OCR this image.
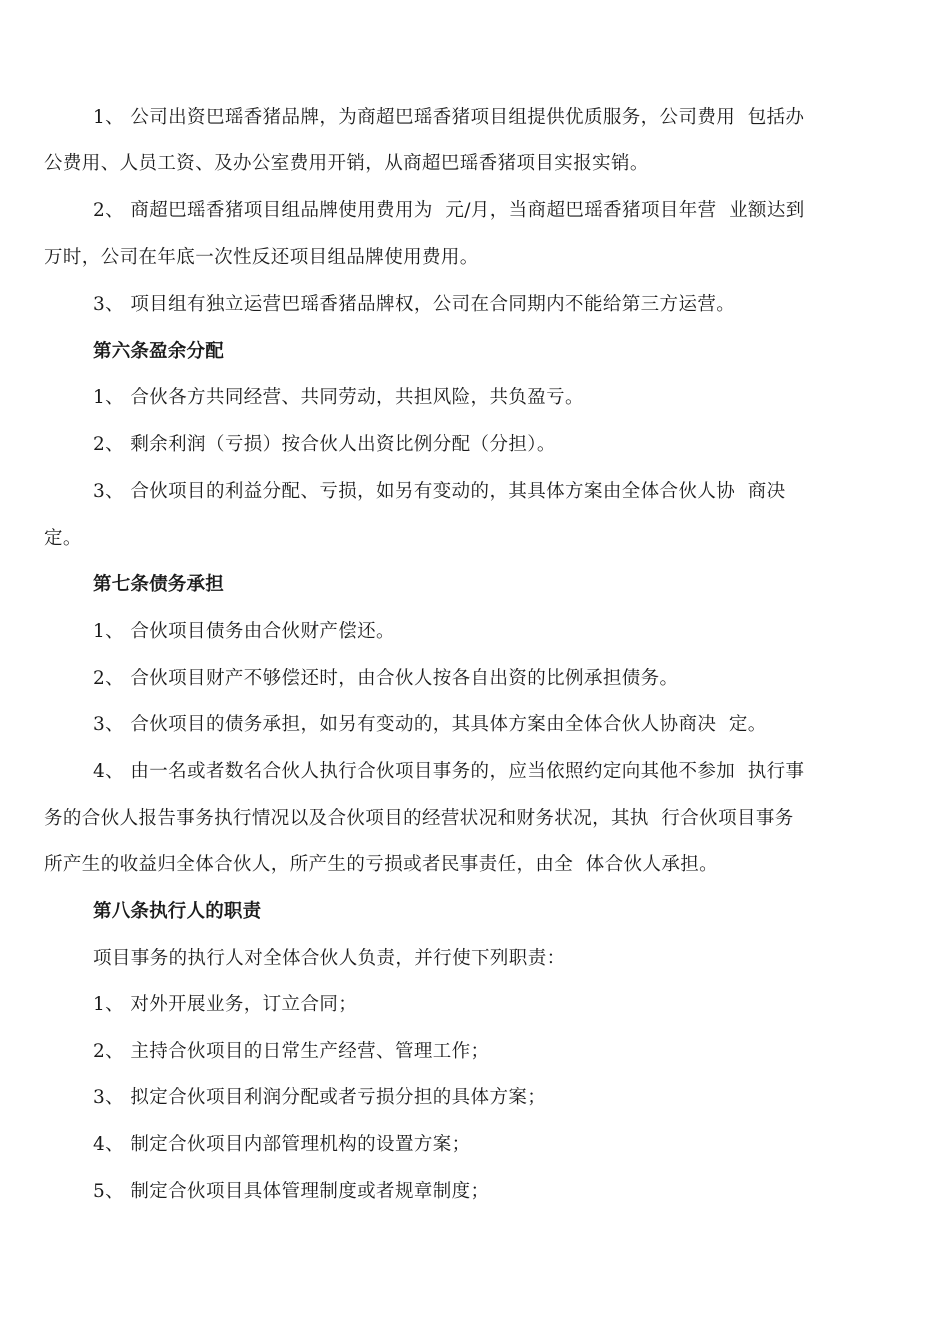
1、 公司出资巴瑶香猪品牌，为商超巴瑶香猪项目组提供优质服务，公司费用  包括办
公费用、人员工资、及办公室费用开销，从商超巴瑶香猪项目实报实销。
2、 商超巴瑶香猪项目组品牌使用费用为  元/月，当商超巴瑶香猪项目年营  业额达到
万时，公司在年底一次性反还项目组品牌使用费用。
3、 项目组有独立运营巴瑶香猪品牌权，公司在合同期内不能给第三方运营。
第六条盈余分配
1、 合伙各方共同经营、共同劳动，共担风险，共负盈亏。
2、 剩余利润（亏损）按合伙人出资比例分配（分担）。
3、 合伙项目的利益分配、亏损，如另有变动的，其具体方案由全体合伙人协  商决
定。
第七条债务承担
1、 合伙项目债务由合伙财产偿还。
2、 合伙项目财产不够偿还时，由合伙人按各自出资的比例承担债务。
3、 合伙项目的债务承担，如另有变动的，其具体方案由全体合伙人协商决  定。
4、 由一名或者数名合伙人执行合伙项目事务的，应当依照约定向其他不参加  执行事
务的合伙人报告事务执行情况以及合伙项目的经营状况和财务状况，其执  行合伙项目事务
所产生的收益归全体合伙人，所产生的亏损或者民事责任，由全  体合伙人承担。
第八条执行人的职责
项目事务的执行人对全体合伙人负责，并行使下列职责：
1、 对外开展业务，订立合同；
2、 主持合伙项目的日常生产经营、管理工作；
3、 拟定合伙项目利润分配或者亏损分担的具体方案；
4、 制定合伙项目内部管理机构的设置方案；
5、 制定合伙项目具体管理制度或者规章制度；
